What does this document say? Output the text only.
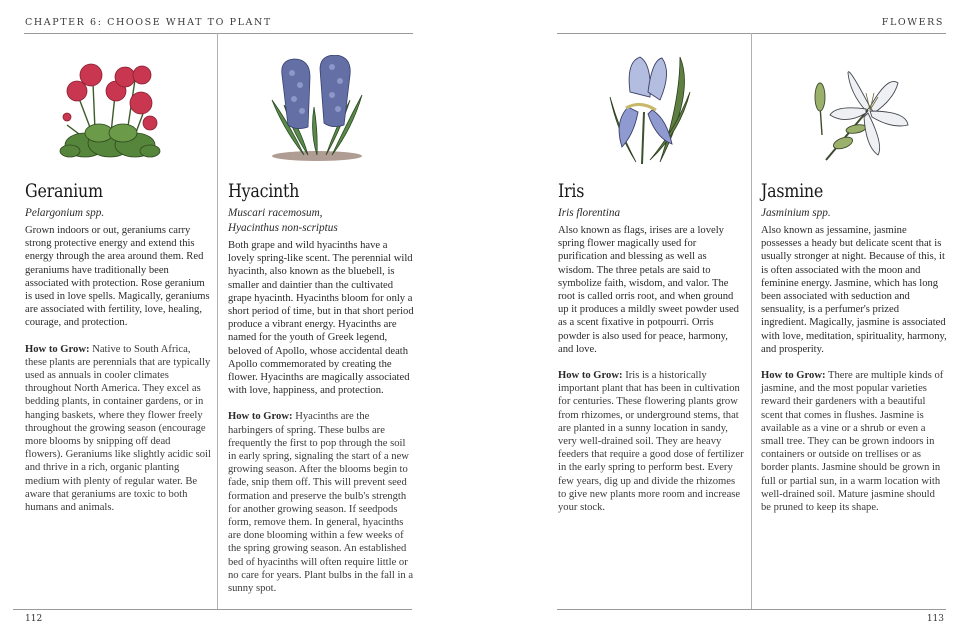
CHAPTER 6: CHOOSE WHAT TO PLANT	FLOWERS
112	113
Geranium
Pelargonium spp.

Grown indoors or out, geraniums carry strong protective energy and extend this energy through the area around them. Red geraniums have traditionally been associated with protection. Rose geranium is used in love spells. Magically, geraniums are associated with fertility, love, healing, courage, and protection.

How to Grow: Native to South Africa, these plants are perennials that are typically used as annuals in cooler climates throughout North America. They excel as bedding plants, in container gardens, or in hanging baskets, where they flower freely throughout the growing season (encourage more blooms by snipping off dead flowers). Geraniums like slightly acidic soil and thrive in a rich, organic planting medium with plenty of regular water. Be aware that geraniums are toxic to both humans and animals.

Hyacinth
Muscari racemosum,
Hyacinthus non-scriptus

Both grape and wild hyacinths have a lovely spring-like scent. The perennial wild hyacinth, also known as the bluebell, is smaller and daintier than the cultivated grape hyacinth. Hyacinths bloom for only a short period of time, but in that short period produce a vibrant energy. Hyacinths are named for the youth of Greek legend, beloved of Apollo, whose accidental death Apollo commemorated by creating the flower. Hyacinths are magically associated with love, happiness, and protection.

How to Grow: Hyacinths are the harbingers of spring. These bulbs are frequently the first to pop through the soil in early spring, signaling the start of a new growing season. After the blooms begin to fade, snip them off. This will prevent seed formation and preserve the bulb's strength for another growing season. If seedpods form, remove them. In general, hyacinths are done blooming within a few weeks of the spring growing season. An established bed of hyacinths will often require little or no care for years. Plant bulbs in the fall in a sunny spot.

Iris
Iris florentina

Also known as flags, irises are a lovely spring flower magically used for purification and blessing as well as wisdom. The three petals are said to symbolize faith, wisdom, and valor. The root is called orris root, and when ground up it produces a mildly sweet powder used as a scent fixative in potpourri. Orris powder is also used for peace, harmony, and love.

How to Grow: Iris is a historically important plant that has been in cultivation for centuries. These flowering plants grow from rhizomes, or underground stems, that are planted in a sunny location in sandy, very well-drained soil. They are heavy feeders that require a good dose of fertilizer in the early spring to perform best. Every few years, dig up and divide the rhizomes to give new plants more room and increase your stock.

Jasmine
Jasminium spp.

Also known as jessamine, jasmine possesses a heady but delicate scent that is usually stronger at night. Because of this, it is often associated with the moon and feminine energy. Jasmine, which has long been associated with seduction and sensuality, is a perfumer's prized ingredient. Magically, jasmine is associated with love, meditation, spirituality, harmony, and prosperity.

How to Grow: There are multiple kinds of jasmine, and the most popular varieties reward their gardeners with a beautiful scent that comes in flushes. Jasmine is available as a vine or a shrub or even a small tree. They can be grown indoors in containers or outside on trellises or as border plants. Jasmine should be grown in full or partial sun, in a warm location with well-drained soil. Mature jasmine should be pruned to keep its shape.
